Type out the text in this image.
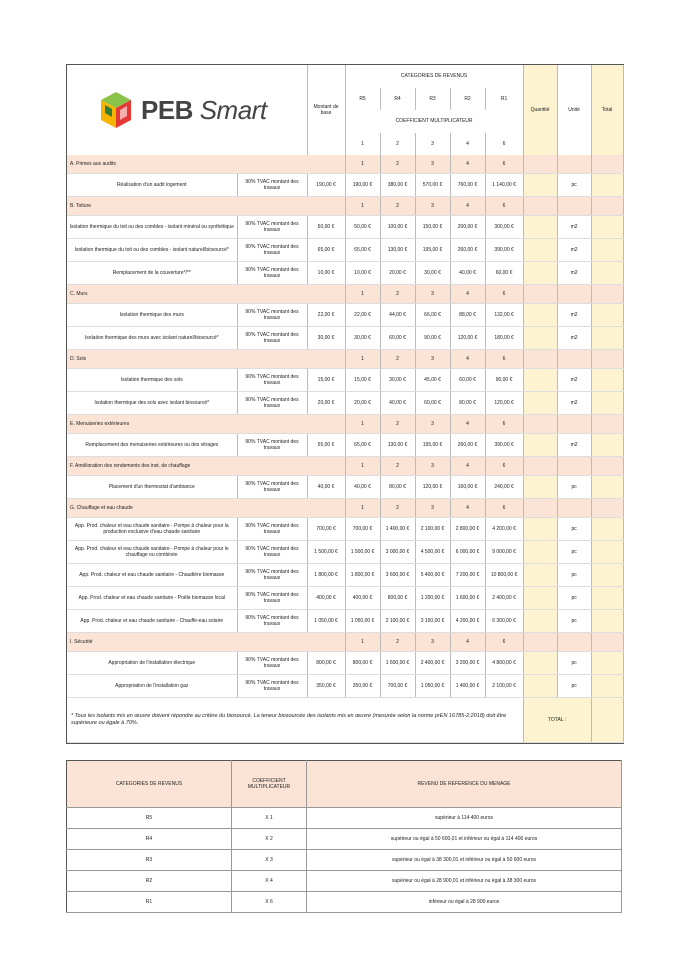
PEB Smart		Montant de base	CATEGORIES DE REVENUS					Quantité	Unité	Total
			R5	R4	R3	R2	R1			
			COEFFICIENT MULTIPLICATEUR							
			1	2	3	4	6			
A. Primes aux audits			1	2	3	4	6			
Réalisation d'un audit logement	90% TVAC montant des travaux	190,00 €	190,00 €	380,00 €	570,00 €	760,00 €	1 140,00 €		pc	
B. Toiture			1	2	3	4	6			
Isolation thermique du toit ou des combles - isolant minéral ou synthétique	90% TVAC montant des travaux	50,00 €	50,00 €	100,00 €	150,00 €	200,00 €	300,00 €		m2	
Isolation thermique du toit ou des combles - isolant naturel/biosourcé*	90% TVAC montant des travaux	65,00 €	65,00 €	130,00 €	195,00 €	260,00 €	390,00 €		m2	
Remplacement de la couverture*/**	90% TVAC montant des travaux	10,00 €	10,00 €	20,00 €	30,00 €	40,00 €	60,00 €		m2	
C. Murs			1	2	3	4	6			
Isolation thermique des murs	90% TVAC montant des travaux	22,00 €	22,00 €	44,00 €	66,00 €	88,00 €	132,00 €		m2	
Isolation thermique des murs avec isolant naturel/biosourcé*	90% TVAC montant des travaux	30,00 €	30,00 €	60,00 €	90,00 €	120,00 €	180,00 €		m2	
D. Sols			1	2	3	4	6			
Isolation thermique des sols	90% TVAC montant des travaux	15,00 €	15,00 €	30,00 €	45,00 €	60,00 €	90,00 €		m2	
Isolation thermique des sols avec isolant biosourcé*	90% TVAC montant des travaux	20,00 €	20,00 €	40,00 €	60,00 €	80,00 €	120,00 €		m2	
E. Menuiseries extérieures			1	2	3	4	6			
Remplacement des menuiseries extérieures ou des vitrages	90% TVAC montant des travaux	55,00 €	65,00 €	130,00 €	195,00 €	260,00 €	390,00 €		m2	
F. Amélioration des rendements des inst. de chauffage			1	2	3	4	6			
Placement d'un thermostat d'ambiance	90% TVAC montant des travaux	40,00 €	40,00 €	80,00 €	120,00 €	160,00 €	240,00 €		pc	
G. Chauffage et eau chaude			1	2	3	4	6			
App. Prod. chaleur et eau chaude sanitaire - Pompe à chaleur pour la production exclusive d'eau chaude sanitaire	90% TVAC montant des travaux	700,00 €	700,00 €	1 400,00 €	2 100,00 €	2 800,00 €	4 200,00 €		pc	
App. Prod. chaleur et eau chaude sanitaire - Pompe à chaleur pour le chauffage ou combinée	90% TVAC montant des travaux	1 500,00 €	1 500,00 €	3 000,00 €	4 500,00 €	6 000,00 €	9 000,00 €		pc	
App. Prod. chaleur et eau chaude sanitaire - Chaudière biomasse	90% TVAC montant des travaux	1 800,00 €	1 800,00 €	3 600,00 €	5 400,00 €	7 200,00 €	10 800,00 €		pc	
App. Prod. chaleur et eau chaude sanitaire - Poêle biomasse local	90% TVAC montant des travaux	400,00 €	400,00 €	800,00 €	1 200,00 €	1 600,00 €	2 400,00 €		pc	
App. Prod. chaleur et eau chaude sanitaire - Chauffe-eau solaire	90% TVAC montant des travaux	1 050,00 €	1 050,00 €	2 100,00 €	3 150,00 €	4 200,00 €	6 300,00 €		pc	
I. Sécurité			1	2	3	4	6			
Appropriation de l'installation électrique	90% TVAC montant des travaux	800,00 €	800,00 €	1 600,00 €	2 400,00 €	3 200,00 €	4 800,00 €		pc	
Appropriation de l'installation gaz	90% TVAC montant des travaux	350,00 €	350,00 €	700,00 €	1 050,00 €	1 400,00 €	2 100,00 €		pc	
* Tous les isolants mis en œuvre doivent répondre au critère du biosourcé. La teneur biosourcée des isolants mis en œuvre (mesurée selon la norme prEN 16785-2:2018) doit être supérieure ou égale à 70%.								TOTAL :		
CATEGORIES DE REVENUS	COEFFICIENT MULTIPLICATEUR	REVENU DE REFERENCE DU MENAGE
R5	X 1	supérieur à 114 400 euros
R4	X 2	supérieur ou égal à 50 600,01 et inférieur ou égal à 114 400 euros
R3	X 3	supérieur ou égal à 38 300,01 et inférieur ou égal à 50 600 euros
R2	X 4	supérieur ou égal à 28 900,01 et inférieur ou égal à 38 300 euros
R1	X 6	inférieur ou égal à 28 900 euros
